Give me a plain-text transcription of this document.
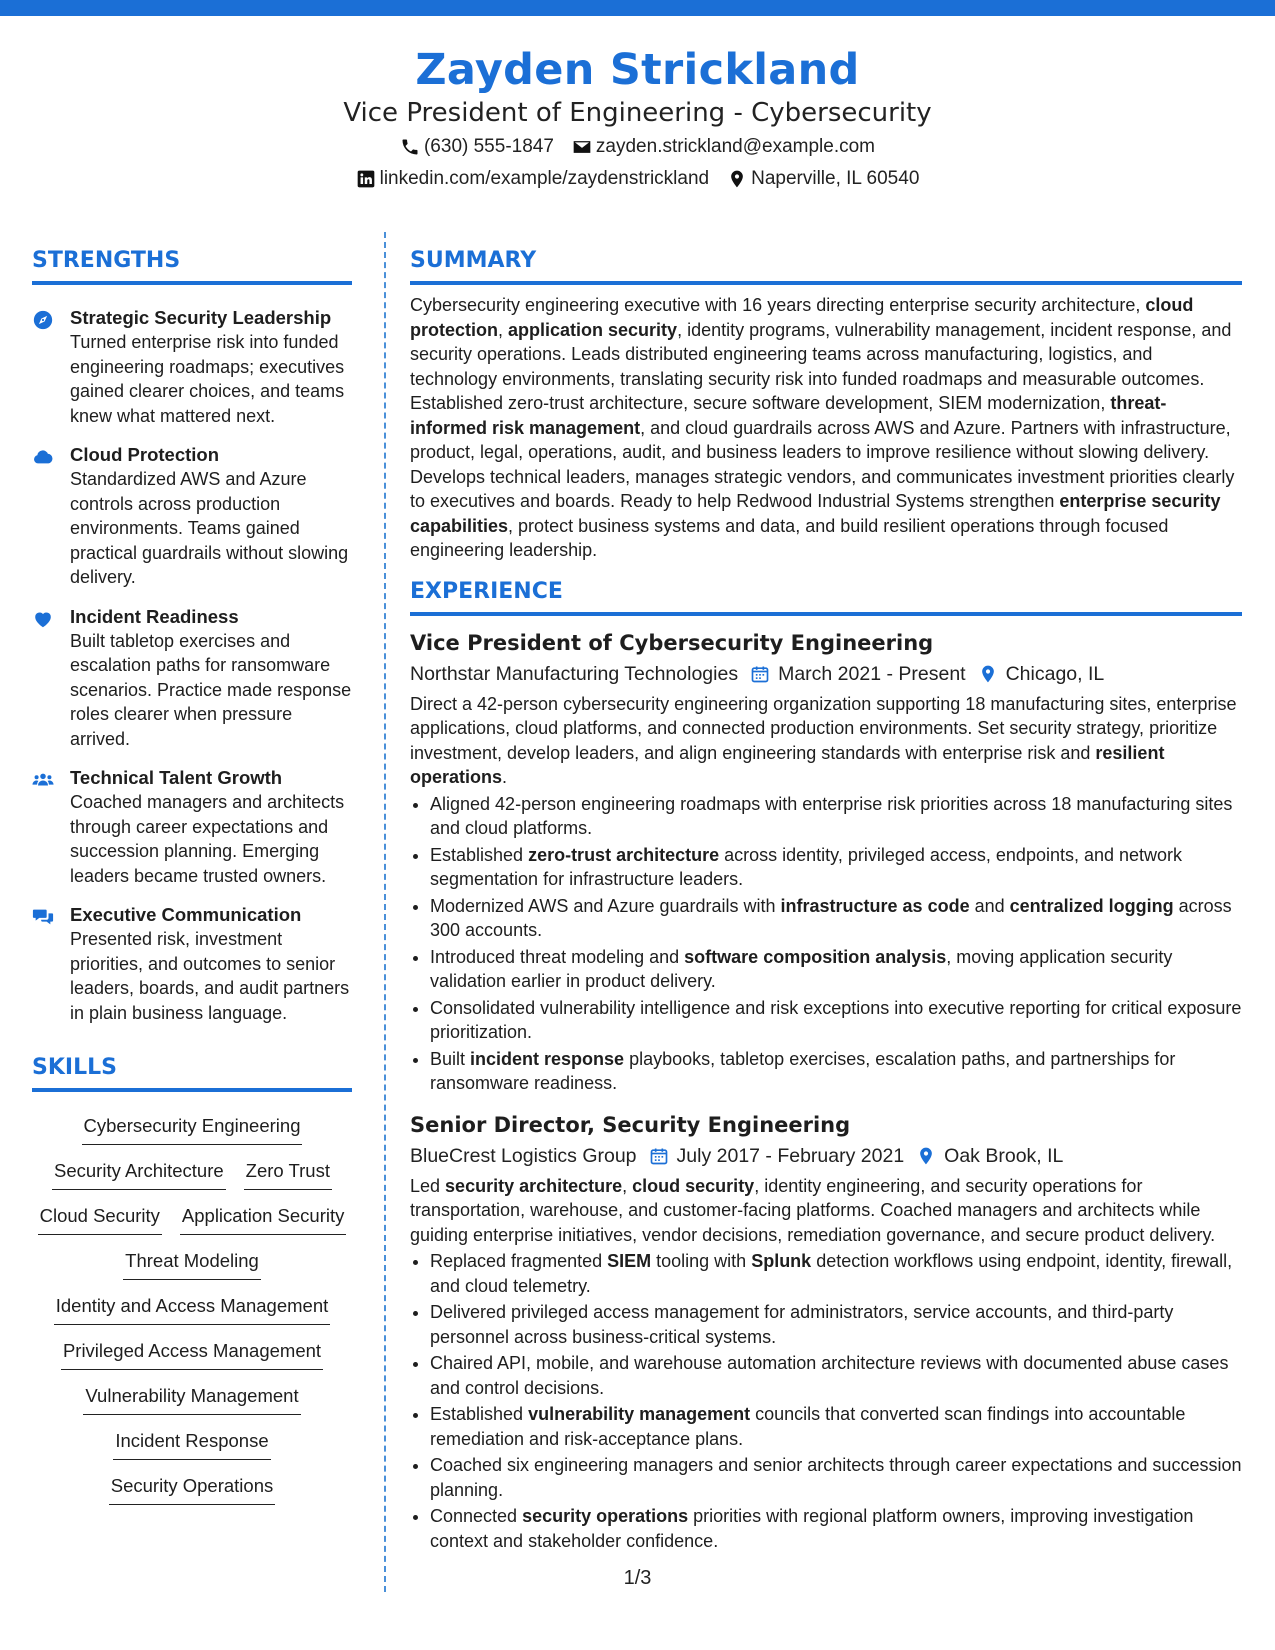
Zayden Strickland
Vice President of Engineering - Cybersecurity
(630) 555-1847 zayden.strickland@example.com
linkedin.com/example/zaydenstrickland Naperville, IL 60540
STRENGTHS
Strategic Security Leadership
Turned enterprise risk into funded engineering roadmaps; executives gained clearer choices, and teams knew what mattered next.
Cloud Protection
Standardized AWS and Azure controls across production environments. Teams gained practical guardrails without slowing delivery.
Incident Readiness
Built tabletop exercises and escalation paths for ransomware scenarios. Practice made response roles clearer when pressure arrived.
Technical Talent Growth
Coached managers and architects through career expectations and succession planning. Emerging leaders became trusted owners.
Executive Communication
Presented risk, investment priorities, and outcomes to senior leaders, boards, and audit partners in plain business language.
SKILLS
Cybersecurity Engineering
Security Architecture Zero Trust
Cloud Security Application Security
Threat Modeling
Identity and Access Management
Privileged Access Management
Vulnerability Management
Incident Response
Security Operations
SUMMARY
Cybersecurity engineering executive with 16 years directing enterprise security architecture, cloud protection, application security, identity programs, vulnerability management, incident response, and security operations. Leads distributed engineering teams across manufacturing, logistics, and technology environments, translating security risk into funded roadmaps and measurable outcomes. Established zero-trust architecture, secure software development, SIEM modernization, threat-informed risk management, and cloud guardrails across AWS and Azure. Partners with infrastructure, product, legal, operations, audit, and business leaders to improve resilience without slowing delivery. Develops technical leaders, manages strategic vendors, and communicates investment priorities clearly to executives and boards. Ready to help Redwood Industrial Systems strengthen enterprise security capabilities, protect business systems and data, and build resilient operations through focused engineering leadership.
EXPERIENCE
Vice President of Cybersecurity Engineering
Northstar Manufacturing Technologies March 2021 - Present Chicago, IL
Direct a 42-person cybersecurity engineering organization supporting 18 manufacturing sites, enterprise applications, cloud platforms, and connected production environments. Set security strategy, prioritize investment, develop leaders, and align engineering standards with enterprise risk and resilient operations.
• Aligned 42-person engineering roadmaps with enterprise risk priorities across 18 manufacturing sites and cloud platforms.
• Established zero-trust architecture across identity, privileged access, endpoints, and network segmentation for infrastructure leaders.
• Modernized AWS and Azure guardrails with infrastructure as code and centralized logging across 300 accounts.
• Introduced threat modeling and software composition analysis, moving application security validation earlier in product delivery.
• Consolidated vulnerability intelligence and risk exceptions into executive reporting for critical exposure prioritization.
• Built incident response playbooks, tabletop exercises, escalation paths, and partnerships for ransomware readiness.
Senior Director, Security Engineering
BlueCrest Logistics Group July 2017 - February 2021 Oak Brook, IL
Led security architecture, cloud security, identity engineering, and security operations for transportation, warehouse, and customer-facing platforms. Coached managers and architects while guiding enterprise initiatives, vendor decisions, remediation governance, and secure product delivery.
• Replaced fragmented SIEM tooling with Splunk detection workflows using endpoint, identity, firewall, and cloud telemetry.
• Delivered privileged access management for administrators, service accounts, and third-party personnel across business-critical systems.
• Chaired API, mobile, and warehouse automation architecture reviews with documented abuse cases and control decisions.
• Established vulnerability management councils that converted scan findings into accountable remediation and risk-acceptance plans.
• Coached six engineering managers and senior architects through career expectations and succession planning.
• Connected security operations priorities with regional platform owners, improving investigation context and stakeholder confidence.
1/3
